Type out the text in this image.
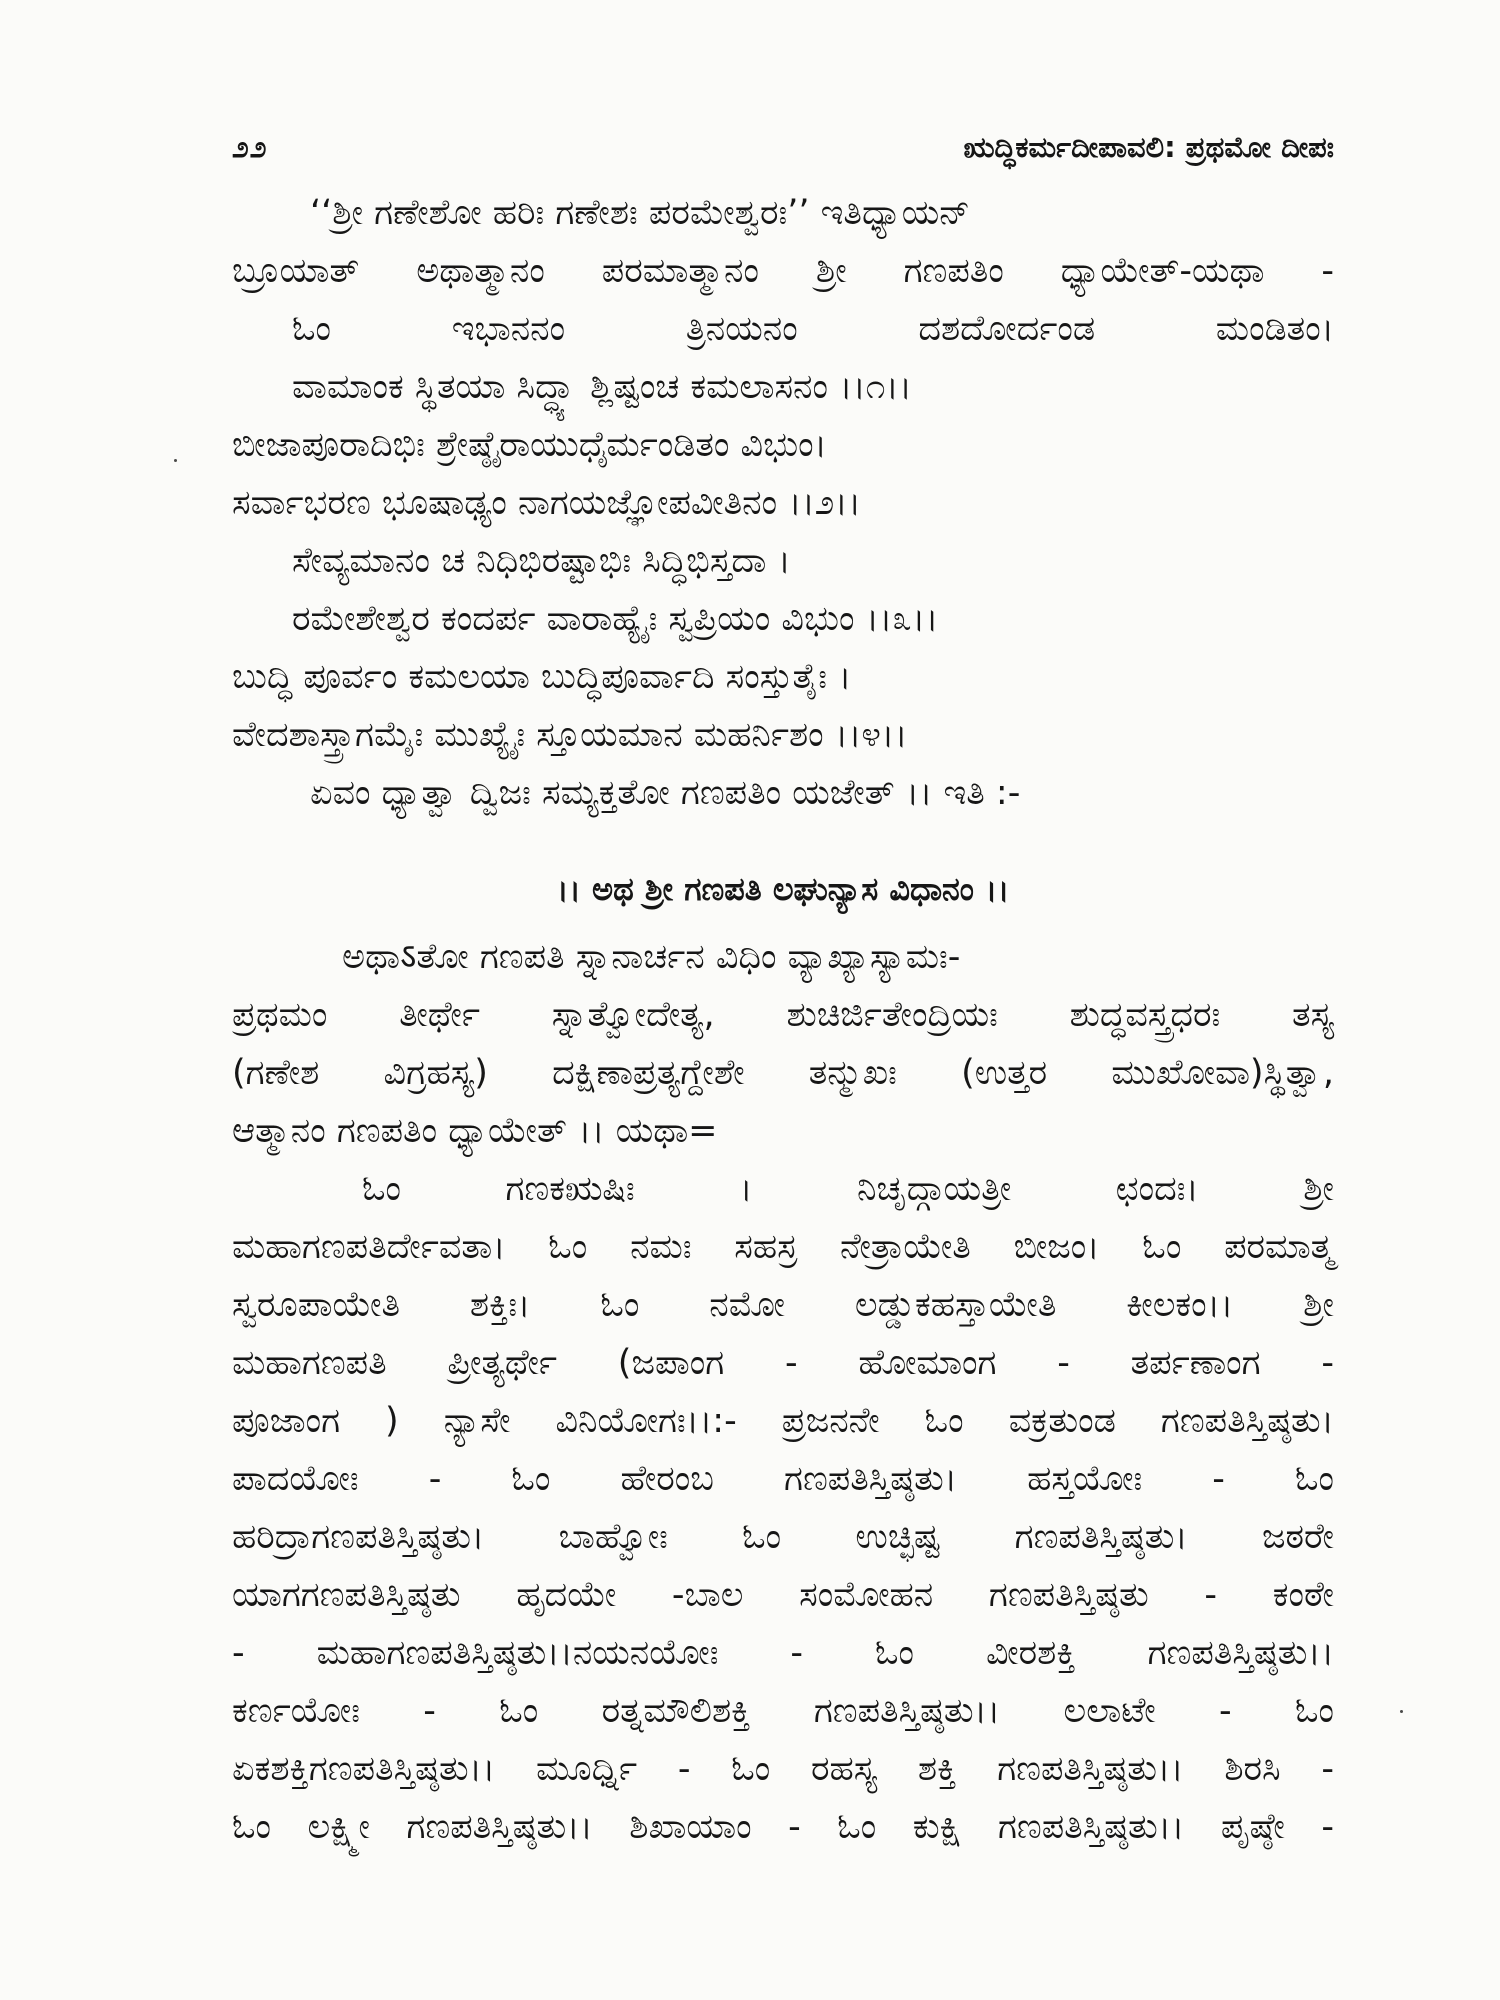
೨೨	ಋದ್ಧಿಕರ್ಮದೀಪಾವಲಿ: ಪ್ರಥಮೋ ದೀಪಃ
‘‘ಶ್ರೀ ಗಣೇಶೋ ಹರಿಃ ಗಣೇಶಃ ಪರಮೇಶ್ವರಃ’’ ಇತಿಧ್ಯಾಯನ್
ಬ್ರೂಯಾತ್ ಅಥಾತ್ಮಾನಂ ಪರಮಾತ್ಮಾನಂ ಶ್ರೀ ಗಣಪತಿಂ ಧ್ಯಾಯೇತ್-ಯಥಾ -
ಓಂ ಇಭಾನನಂ ತ್ರಿನಯನಂ ದಶದೋರ್ದಂಡ ಮಂಡಿತಂ।
ವಾಮಾಂಕ ಸ್ಥಿತಯಾ ಸಿದ್ಧ್ಯಾ ಶ್ಲಿಷ್ಟಂಚ ಕಮಲಾಸನಂ ।।೧।।
ಬೀಜಾಪೂರಾದಿಭಿಃ ಶ್ರೇಷ್ಠೈರಾಯುಧೈರ್ಮಂಡಿತಂ ವಿಭುಂ।
ಸರ್ವಾಭರಣ ಭೂಷಾಢ್ಯಂ ನಾಗಯಜ್ಞೋಪವೀತಿನಂ ।।೨।।
ಸೇವ್ಯಮಾನಂ ಚ ನಿಧಿಭಿರಷ್ಟಾಭಿಃ ಸಿದ್ಧಿಭಿಸ್ತದಾ ।
ರಮೇಶೇಶ್ವರ ಕಂದರ್ಪ ವಾರಾಹ್ಯೈಃ ಸ್ವಪ್ರಿಯಂ ವಿಭುಂ ।।೩।।
ಬುದ್ಧಿ ಪೂರ್ವಂ ಕಮಲಯಾ ಬುದ್ಧಿಪೂರ್ವಾದಿ ಸಂಸ್ತುತೈಃ ।
ವೇದಶಾಸ್ತ್ರಾಗಮೈಃ ಮುಖ್ಯೈಃ ಸ್ತೂಯಮಾನ ಮಹರ್ನಿಶಂ ।।೪।।
ಏವಂ ಧ್ಯಾತ್ವಾ ದ್ವಿಜಃ ಸಮ್ಯಕ್ತತೋ ಗಣಪತಿಂ ಯಜೇತ್ ।। ಇತಿ :-
।। ಅಥ ಶ್ರೀ ಗಣಪತಿ ಲಘುನ್ಯಾಸ ವಿಧಾನಂ ।।
ಅಥಾऽತೋ ಗಣಪತಿ ಸ್ನಾನಾರ್ಚನ ವಿಧಿಂ ವ್ಯಾಖ್ಯಾಸ್ಯಾಮಃ-
ಪ್ರಥಮಂ ತೀರ್ಥೇ ಸ್ನಾತ್ವೋದೇತ್ಯ, ಶುಚಿರ್ಜಿತೇಂದ್ರಿಯಃ ಶುದ್ಧವಸ್ತ್ರಧರಃ ತಸ್ಯ
(ಗಣೇಶ ವಿಗ್ರಹಸ್ಯ) ದಕ್ಷಿಣಾಪ್ರತ್ಯಗ್ದೇಶೇ ತನ್ಮುಖಃ (ಉತ್ತರ ಮುಖೋವಾ)ಸ್ಥಿತ್ವಾ,
ಆತ್ಮಾನಂ ಗಣಪತಿಂ ಧ್ಯಾಯೇತ್ ।। ಯಥಾ=
ಓಂ ಗಣಕಋಷಿಃ । ನಿಚೃದ್ಗಾಯತ್ರೀ ಛಂದಃ। ಶ್ರೀ
ಮಹಾಗಣಪತಿರ್ದೇವತಾ। ಓಂ ನಮಃ ಸಹಸ್ರ ನೇತ್ರಾಯೇತಿ ಬೀಜಂ। ಓಂ ಪರಮಾತ್ಮ
ಸ್ವರೂಪಾಯೇತಿ ಶಕ್ತಿಃ। ಓಂ ನಮೋ ಲಡ್ಡುಕಹಸ್ತಾಯೇತಿ ಕೀಲಕಂ।। ಶ್ರೀ
ಮಹಾಗಣಪತಿ ಪ್ರೀತ್ಯರ್ಥೇ (ಜಪಾಂಗ - ಹೋಮಾಂಗ - ತರ್ಪಣಾಂಗ -
ಪೂಜಾಂಗ ) ನ್ಯಾಸೇ ವಿನಿಯೋಗಃ।।:- ಪ್ರಜನನೇ ಓಂ ವಕ್ರತುಂಡ ಗಣಪತಿಸ್ತಿಷ್ಠತು।
ಪಾದಯೋಃ - ಓಂ ಹೇರಂಬ ಗಣಪತಿಸ್ತಿಷ್ಠತು। ಹಸ್ತಯೋಃ - ಓಂ
ಹರಿದ್ರಾಗಣಪತಿಸ್ತಿಷ್ಠತು। ಬಾಹ್ವೋಃ ಓಂ ಉಚ್ಛಿಷ್ಟ ಗಣಪತಿಸ್ತಿಷ್ಠತು। ಜಠರೇ
ಯಾಗಗಣಪತಿಸ್ತಿಷ್ಠತು ಹೃದಯೇ -ಬಾಲ ಸಂಮೋಹನ ಗಣಪತಿಸ್ತಿಷ್ಠತು - ಕಂಠೇ
- ಮಹಾಗಣಪತಿಸ್ತಿಷ್ಠತು।।ನಯನಯೋಃ - ಓಂ ವೀರಶಕ್ತಿ ಗಣಪತಿಸ್ತಿಷ್ಠತು।।
ಕರ್ಣಯೋಃ - ಓಂ ರತ್ನಮೌಲಿಶಕ್ತಿ ಗಣಪತಿಸ್ತಿಷ್ಠತು।। ಲಲಾಟೇ - ಓಂ
ಏಕಶಕ್ತಿಗಣಪತಿಸ್ತಿಷ್ಠತು।। ಮೂರ್ಧ್ನಿ - ಓಂ ರಹಸ್ಯ ಶಕ್ತಿ ಗಣಪತಿಸ್ತಿಷ್ಠತು।। ಶಿರಸಿ -
ಓಂ ಲಕ್ಷ್ಮೀ ಗಣಪತಿಸ್ತಿಷ್ಠತು।। ಶಿಖಾಯಾಂ - ಓಂ ಕುಕ್ಷಿ ಗಣಪತಿಸ್ತಿಷ್ಠತು।। ಪೃಷ್ಠೇ -
